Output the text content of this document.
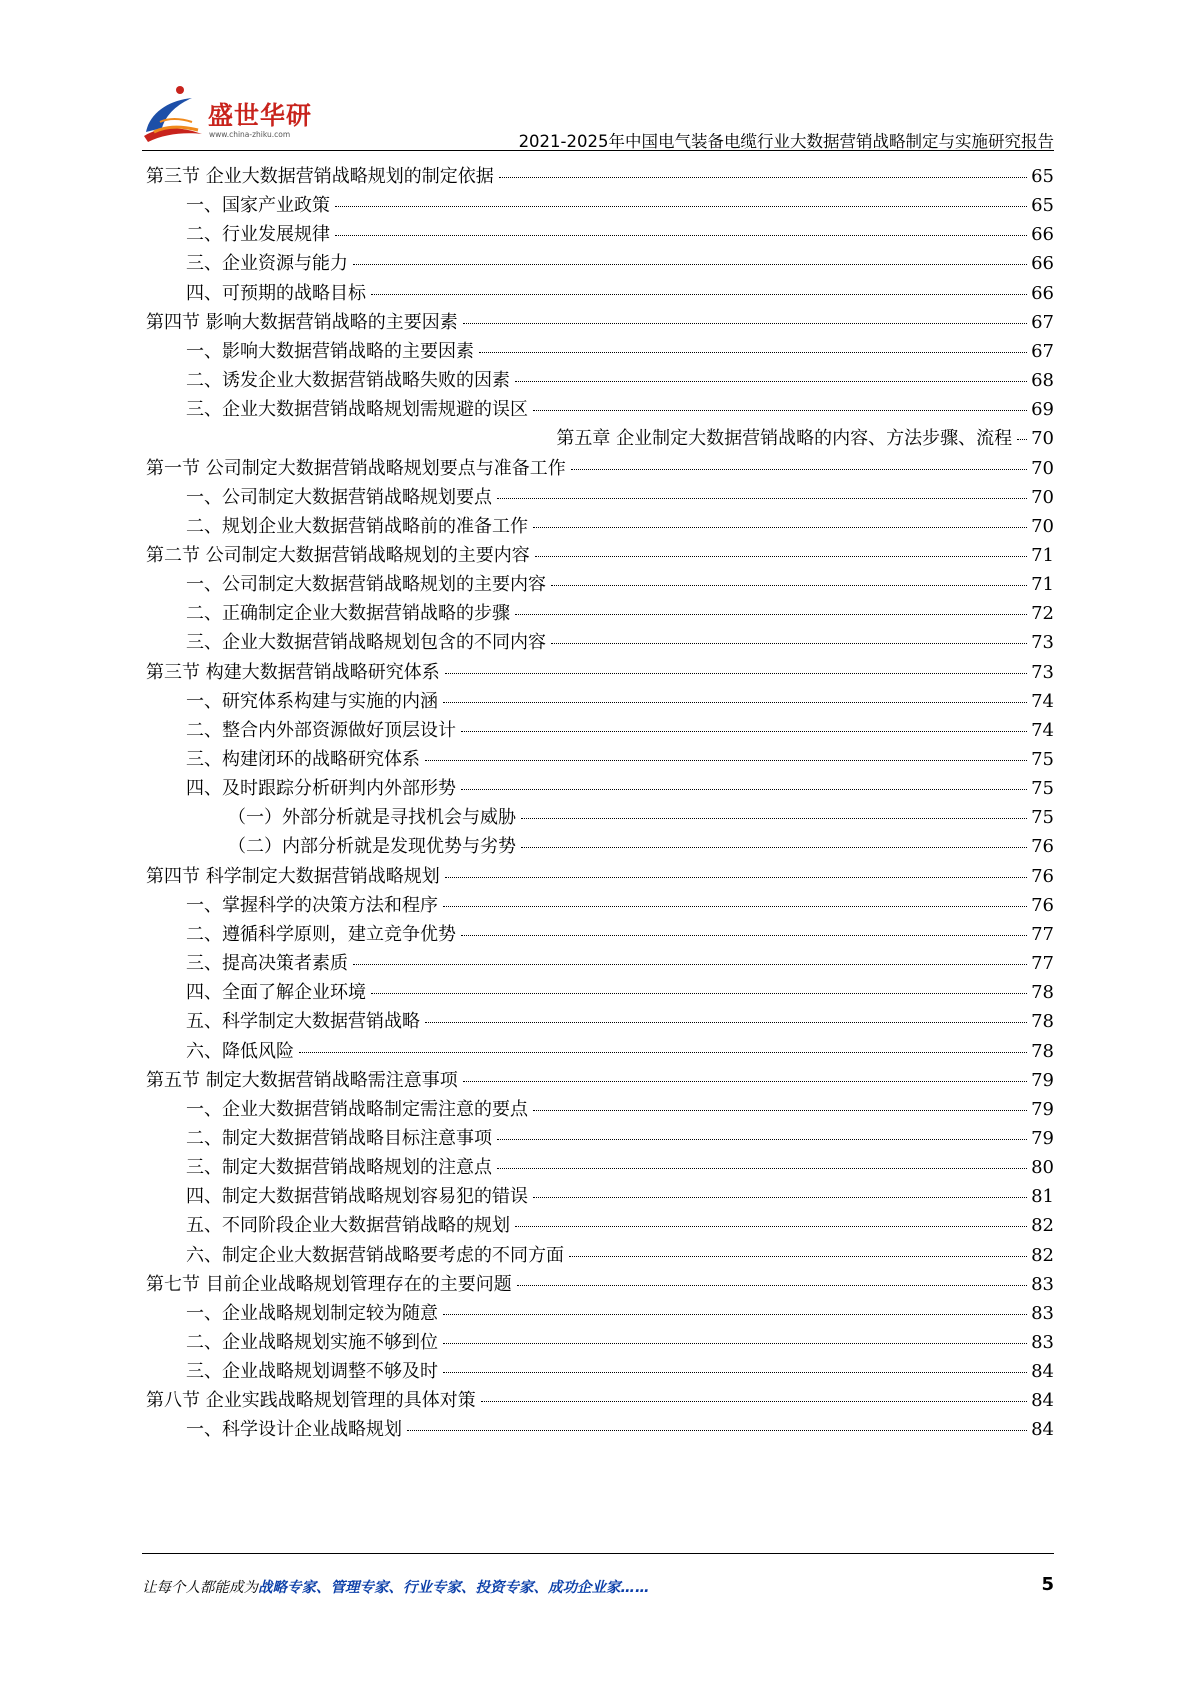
盛世华研
www.china-zhiku.com	2021-2025年中国电气装备电缆行业大数据营销战略制定与实施研究报告
第三节 企业大数据营销战略规划的制定依据	65
一、国家产业政策	65
二、行业发展规律	66
三、企业资源与能力	66
四、可预期的战略目标	66
第四节 影响大数据营销战略的主要因素	67
一、影响大数据营销战略的主要因素	67
二、诱发企业大数据营销战略失败的因素	68
三、企业大数据营销战略规划需规避的误区	69
第五章 企业制定大数据营销战略的内容、方法步骤、流程 70
第一节 公司制定大数据营销战略规划要点与准备工作	70
一、公司制定大数据营销战略规划要点	70
二、规划企业大数据营销战略前的准备工作	70
第二节 公司制定大数据营销战略规划的主要内容	71
一、公司制定大数据营销战略规划的主要内容	71
二、正确制定企业大数据营销战略的步骤	72
三、企业大数据营销战略规划包含的不同内容	73
第三节 构建大数据营销战略研究体系	73
一、研究体系构建与实施的内涵	74
二、整合内外部资源做好顶层设计	74
三、构建闭环的战略研究体系	75
四、及时跟踪分析研判内外部形势	75
（一）外部分析就是寻找机会与威胁	75
（二）内部分析就是发现优势与劣势	76
第四节 科学制定大数据营销战略规划	76
一、掌握科学的决策方法和程序	76
二、遵循科学原则，建立竞争优势	77
三、提高决策者素质	77
四、全面了解企业环境	78
五、科学制定大数据营销战略	78
六、降低风险	78
第五节 制定大数据营销战略需注意事项	79
一、企业大数据营销战略制定需注意的要点	79
二、制定大数据营销战略目标注意事项	79
三、制定大数据营销战略规划的注意点	80
四、制定大数据营销战略规划容易犯的错误	81
五、不同阶段企业大数据营销战略的规划	82
六、制定企业大数据营销战略要考虑的不同方面	82
第七节 目前企业战略规划管理存在的主要问题	83
一、企业战略规划制定较为随意	83
二、企业战略规划实施不够到位	83
三、企业战略规划调整不够及时	84
第八节 企业实践战略规划管理的具体对策	84
一、科学设计企业战略规划	84
让每个人都能成为战略专家、管理专家、行业专家、投资专家、成功企业家……	5
